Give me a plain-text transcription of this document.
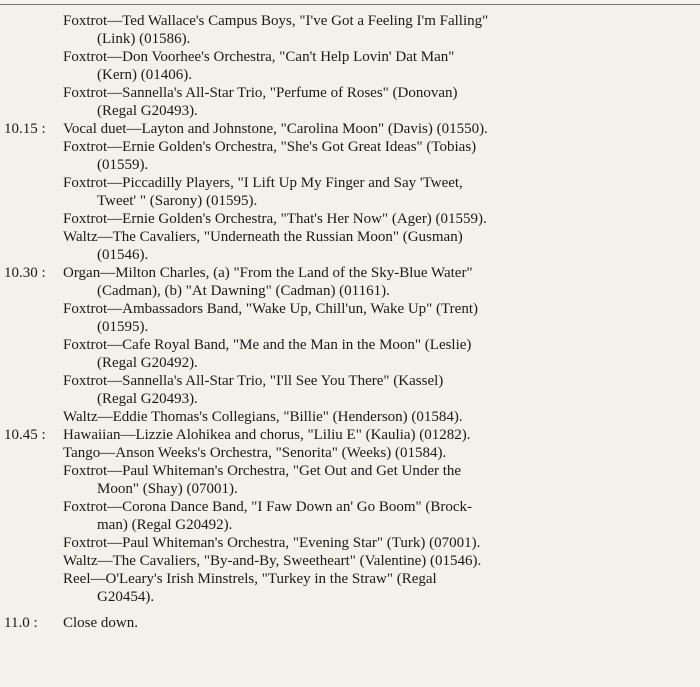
Foxtrot—Ted Wallace's Campus Boys, "I've Got a Feeling I'm Falling"
(Link) (01586).
Foxtrot—Don Voorhee's Orchestra, "Can't Help Lovin' Dat Man"
(Kern) (01406).
Foxtrot—Sannella's All-Star Trio, "Perfume of Roses" (Donovan)
(Regal G20493).
10.15 : Vocal duet—Layton and Johnstone, "Carolina Moon" (Davis) (01550).
Foxtrot—Ernie Golden's Orchestra, "She's Got Great Ideas" (Tobias)
(01559).
Foxtrot—Piccadilly Players, "I Lift Up My Finger and Say 'Tweet,
Tweet' " (Sarony) (01595).
Foxtrot—Ernie Golden's Orchestra, "That's Her Now" (Ager) (01559).
Waltz—The Cavaliers, "Underneath the Russian Moon" (Gusman)
(01546).
10.30 : Organ—Milton Charles, (a) "From the Land of the Sky-Blue Water"
(Cadman), (b) "At Dawning" (Cadman) (01161).
Foxtrot—Ambassadors Band, "Wake Up, Chill'un, Wake Up" (Trent)
(01595).
Foxtrot—Cafe Royal Band, "Me and the Man in the Moon" (Leslie)
(Regal G20492).
Foxtrot—Sannella's All-Star Trio, "I'll See You There" (Kassel)
(Regal G20493).
Waltz—Eddie Thomas's Collegians, "Billie" (Henderson) (01584).
10.45 : Hawaiian—Lizzie Alohikea and chorus, "Liliu E" (Kaulia) (01282).
Tango—Anson Weeks's Orchestra, "Senorita" (Weeks) (01584).
Foxtrot—Paul Whiteman's Orchestra, "Get Out and Get Under the
Moon" (Shay) (07001).
Foxtrot—Corona Dance Band, "I Faw Down an' Go Boom" (Brock-
man) (Regal G20492).
Foxtrot—Paul Whiteman's Orchestra, "Evening Star" (Turk) (07001).
Waltz—The Cavaliers, "By-and-By, Sweetheart" (Valentine) (01546).
Reel—O'Leary's Irish Minstrels, "Turkey in the Straw" (Regal
G20454).
11.0 : Close down.
